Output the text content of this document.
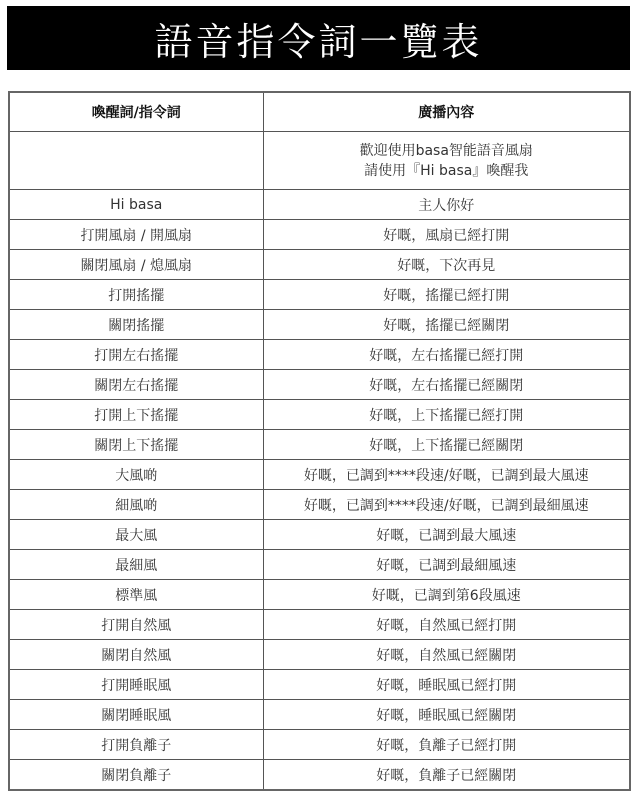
語音指令詞一覽表
喚醒詞/指令詞	廣播內容

	歡迎使用basa智能語音風扇
請使用『Hi basa』喚醒我

Hi basa	主人你好
打開風扇 / 開風扇	好嘅，風扇已經打開
關閉風扇 / 熄風扇	好嘅，下次再見
打開搖擺	好嘅，搖擺已經打開
關閉搖擺	好嘅，搖擺已經關閉
打開左右搖擺	好嘅，左右搖擺已經打開
關閉左右搖擺	好嘅，左右搖擺已經關閉
打開上下搖擺	好嘅，上下搖擺已經打開
關閉上下搖擺	好嘅，上下搖擺已經關閉
大風啲	好嘅，已調到****段速/好嘅，已調到最大風速
細風啲	好嘅，已調到****段速/好嘅，已調到最細風速
最大風	好嘅，已調到最大風速
最細風	好嘅，已調到最細風速
標準風	好嘅，已調到第6段風速
打開自然風	好嘅，自然風已經打開
關閉自然風	好嘅，自然風已經關閉
打開睡眠風	好嘅，睡眠風已經打開
關閉睡眠風	好嘅，睡眠風已經關閉
打開負離子	好嘅，負離子已經打開
關閉負離子	好嘅，負離子已經關閉
